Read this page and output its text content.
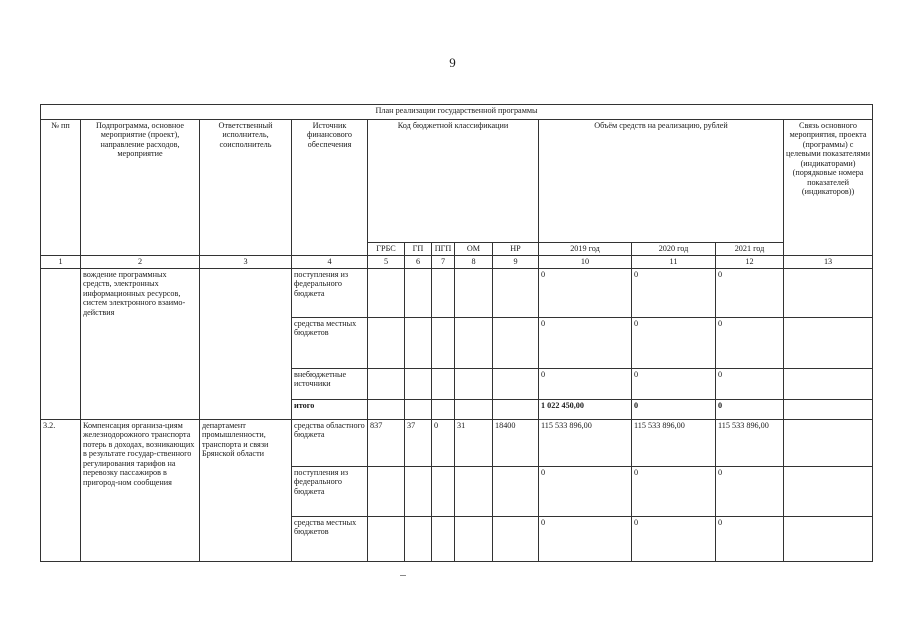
9
План реализации государственной программы												
№ пп	Подпрограмма, основное мероприятие (проект), направление расходов, мероприятие	Ответственный исполнитель, соисполнитель	Источник финансового обеспечения	Код бюджетной классификации					Объём средств на реализацию, рублей			Связь основного мероприятия, проекта (программы) с целевыми показателями (индикаторами) (порядковые номера показателей (индикаторов))
				ГРБС	ГП	ПГП	ОМ	НР	2019 год	2020 год	2021 год	
1	2	3	4	5	6	7	8	9	10	11	12	13
	вождение программных средств, электронных информационных ресурсов, систем электронного взаимо-действия		поступления из федерального бюджета						0	0	0	
			средства местных бюджетов						0	0	0	
			внебюджетные источники						0	0	0	
			итого						1 022 450,00	0	0	
3.2.	Компенсация организа-циям железнодорожного транспорта потерь в доходах, возникающих в результате государ-ственного регулирования тарифов на перевозку пассажиров в пригород-ном сообщения	департамент промышленности, транспорта и связи Брянской области	средства областного бюджета	837	37	0	31	18400	115 533 896,00	115 533 896,00	115 533 896,00	
			поступления из федерального бюджета						0	0	0	
			средства местных бюджетов						0	0	0	
